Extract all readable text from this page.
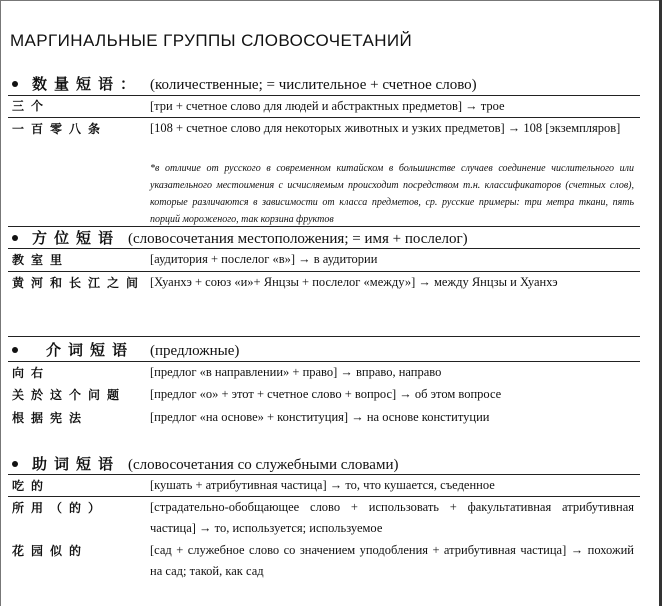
МАРГИНАЛЬНЫЕ ГРУППЫ СЛОВОСОЧЕТАНИЙ
数量短语： (количественные; = числительное + счетное слово)
三个	[три + счетное слово для людей и абстрактных предметов] → трое
一百零八条	[108 + счетное слово для некоторых животных и узких предметов] → 108 [экземпляров]
*в отличие от русского в современном китайском в большинстве случаев соединение числительного или указательного местоимения с исчисляемым происходит посредством т.н. классификаторов (счетных слов), которые различаются в зависимости от класса предметов, ср. русские примеры: три метра ткани, пять порций мороженого, так корзина фруктов
方位短语 (словосочетания местоположения; = имя + послелог)
教室里	[аудитория + послелог «в»] → в аудитории
黄河和长江之间 [Хуанхэ + союз «и»+ Янцзы + послелог «между»] → между Янцзы и Хуанхэ
介词短语 (предложные)
向右	[предлог «в направлении» + право] → вправо, направо
关於这个问题	[предлог «о» + этот + счетное слово + вопрос] → об этом вопросе
根据宪法	[предлог «на основе» + конституция] → на основе конституции
助词短语 (словосочетания со служебными словами)
吃的	[кушать + атрибутивная частица] → то, что кушается, съеденное
所用（的）	[страдательно-обобщающее слово + использовать + факультативная атрибутивная частица] → то, используется; используемое
花园似的	[сад + служебное слово со значением уподобления + атрибутивная частица] → похожий на сад; такой, как сад
